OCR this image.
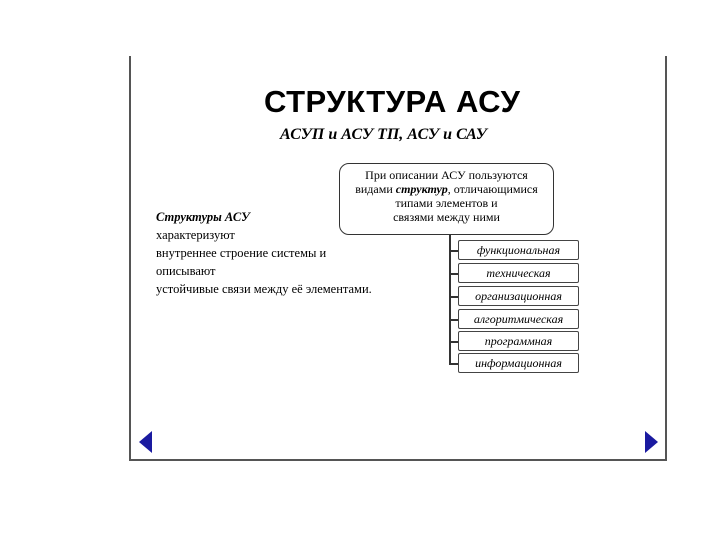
СТРУКТУРА АСУ
АСУП и АСУ ТП, АСУ и САУ
При описании АСУ пользуются
видами структур, отличающимися
типами элементов и
связями между ними
Структуры АСУ
характеризуют
внутреннее строение системы и
описывают
устойчивые связи между её элементами.
функциональная
техническая
организационная
алгоритмическая
программная
информационная
